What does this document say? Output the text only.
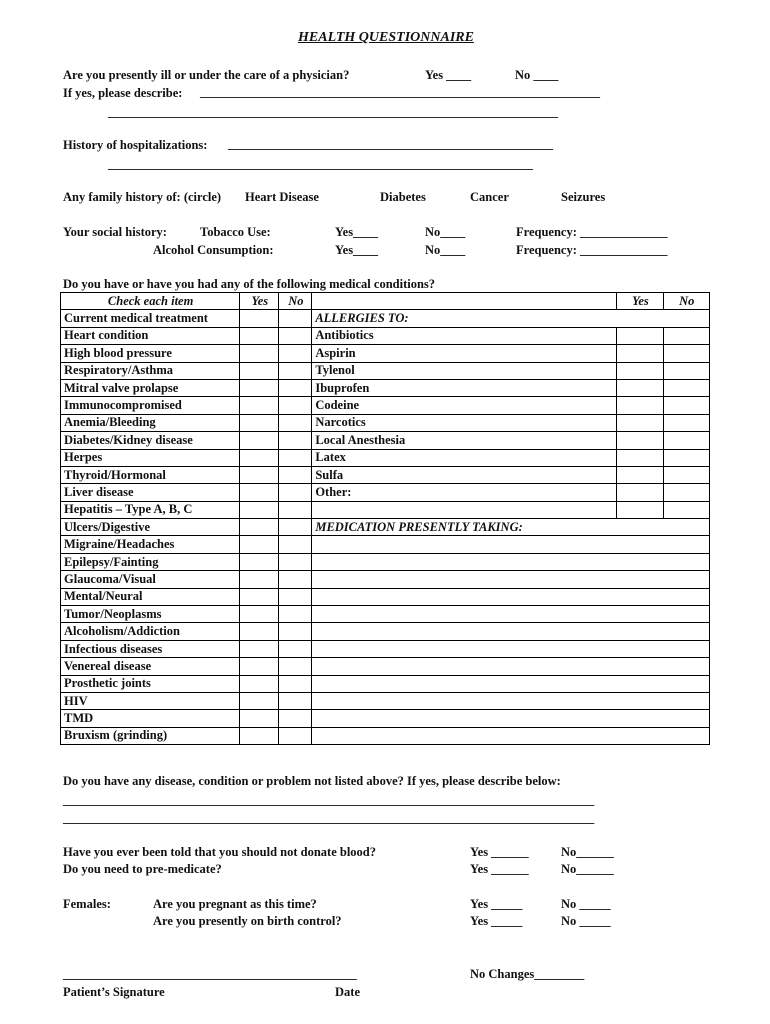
HEALTH QUESTIONNAIRE
Are you presently ill or under the care of a physician?	Yes ____	No ____
If yes, please describe: ________________________________________________________________
________________________________________________________________________
History of hospitalizations: ____________________________________________________
____________________________________________________________________
Any family history of: (circle) Heart Disease	Diabetes	Cancer	Seizures
Your social history:	Tobacco Use:	Yes____	No____	Frequency: ______________
Alcohol Consumption:	Yes____	No____	Frequency: ______________
Do you have or have you had any of the following medical conditions?
Check each item	Yes	No		Yes	No
Current medical treatment			ALLERGIES TO:		
Heart condition			Antibiotics		
High blood pressure			Aspirin		
Respiratory/Asthma			Tylenol		
Mitral valve prolapse			Ibuprofen		
Immunocompromised			Codeine		
Anemia/Bleeding			Narcotics		
Diabetes/Kidney disease			Local Anesthesia		
Herpes			Latex		
Thyroid/Hormonal			Sulfa		
Liver disease			Other:		
Hepatitis – Type A, B, C					
Ulcers/Digestive			MEDICATION PRESENTLY TAKING:		
Migraine/Headaches					
Epilepsy/Fainting					
Glaucoma/Visual					
Mental/Neural					
Tumor/Neoplasms					
Alcoholism/Addiction					
Infectious diseases					
Venereal disease					
Prosthetic joints					
HIV					
TMD					
Bruxism (grinding)					
Do you have any disease, condition or problem not listed above? If yes, please describe below:
_____________________________________________________________________________________
_____________________________________________________________________________________
Have you ever been told that you should not donate blood?	Yes ______	No______
Do you need to pre-medicate?	Yes ______	No______
Females:	Are you pregnant as this time?	Yes _____	No _____
Are you presently on birth control?	Yes _____	No _____
_______________________________________________	No Changes________
Patient’s Signature	Date
